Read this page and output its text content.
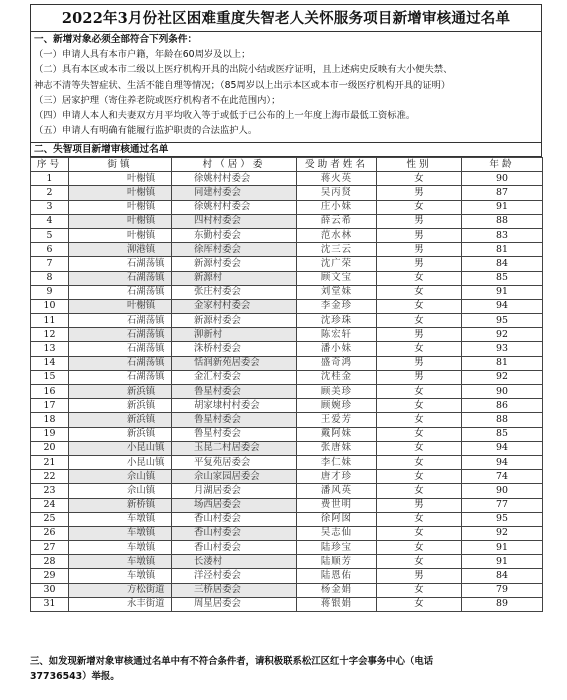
2022年3月份社区困难重度失智老人关怀服务项目新增审核通过名单
一、新增对象必须全部符合下列条件：
（一）申请人具有本市户籍，年龄在60周岁及以上；
（二）具有本区或本市二级以上医疗机构开具的出院小结或医疗证明，且上述病史反映有大小便失禁、
神志不清等失智症状、生活不能自理等情况；（85周岁以上出示本区或本市一级医疗机构开具的证明）
（三）居家护理（寄住养老院或医疗机构者不在此范围内）；
（四）申请人本人和夫妻双方月平均收入等于或低于已公布的上一年度上海市最低工资标准。
（五）申请人有明确有能履行监护职责的合法监护人。
二、失智项目新增审核通过名单
序号	街镇	村（居）委	受助者姓名	性别	年龄
1	叶榭镇	徐姚村村委会	蒋火英	女	90
2	叶榭镇	同建村委会	吴丙贤	男	87
3	叶榭镇	徐姚村村委会	庄小妹	女	91
4	叶榭镇	四村村委会	薛云希	男	88
5	叶榭镇	东勤村委会	范水林	男	83
6	泖港镇	徐厍村委会	沈三云	男	81
7	石湖荡镇	新源村委会	沈广荣	男	84
8	石湖荡镇	新源村	顾文宝	女	85
9	石湖荡镇	张庄村委会	刘堂妹	女	91
10	叶榭镇	金家村村委会	李金珍	女	94
11	石湖荡镇	新源村委会	沈珍珠	女	95
12	石湖荡镇	泖新村	陈宏轩	男	92
13	石湖荡镇	洙桥村委会	潘小妹	女	93
14	石湖荡镇	恬润新苑居委会	盛奇鸿	男	81
15	石湖荡镇	金汇村委会	沈桂金	男	92
16	新浜镇	鲁星村委会	顾美珍	女	90
17	新浜镇	胡家埭村村委会	顾婉珍	女	86
18	新浜镇	鲁星村委会	王爱芳	女	88
19	新浜镇	鲁星村委会	戴阿妹	女	85
20	小昆山镇	玉昆二村居委会	张唐妹	女	94
21	小昆山镇	平复苑居委会	李仁妹	女	94
22	佘山镇	佘山家园居委会	唐才珍	女	74
23	佘山镇	月湖居委会	潘风英	女	90
24	新桥镇	场西居委会	费世明	男	77
25	车墩镇	香山村委会	徐阿囡	女	95
26	车墩镇	香山村委会	吴志仙	女	92
27	车墩镇	香山村委会	陆珍宝	女	91
28	车墩镇	长溇村	陆顺芳	女	91
29	车墩镇	洋泾村委会	陆恩佑	男	84
30	方松街道	三桥居委会	杨金娟	女	79
31	永丰街道	周星居委会	蒋银娟	女	89
三、如发现新增对象审核通过名单中有不符合条件者，请积极联系松江区红十字会事务中心（电话
37736543）举报。
